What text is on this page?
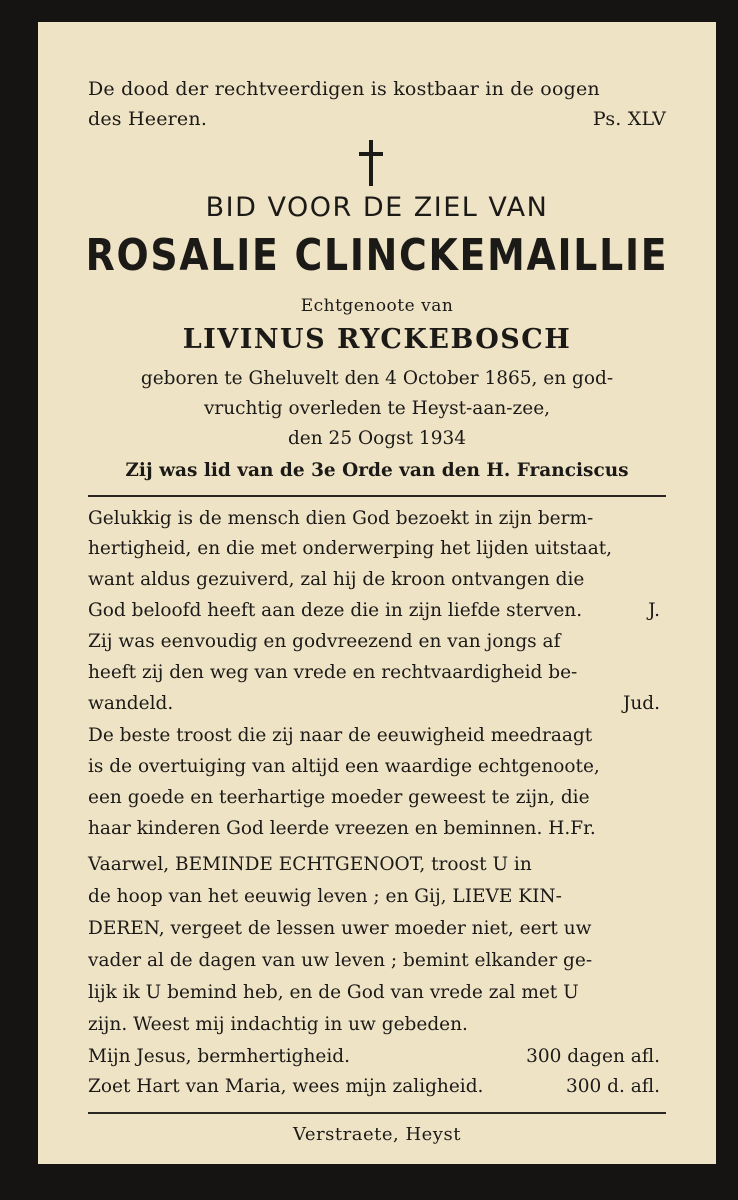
De dood der rechtveerdigen is kostbaar in de oogen
des Heeren.	Ps. XLV
BID VOOR DE ZIEL VAN
ROSALIE CLINCKEMAILLIE
Echtgenoote van
LIVINUS RYCKEBOSCH
geboren te Gheluvelt den 4 October 1865, en god-
vruchtig overleden te Heyst-aan-zee,
den 25 Oogst 1934
Zij was lid van de 3e Orde van den H. Franciscus
Gelukkig is de mensch dien God bezoekt in zijn berm-
hertigheid, en die met onderwerping het lijden uitstaat,
want aldus gezuiverd, zal hij de kroon ontvangen die
God beloofd heeft aan deze die in zijn liefde sterven.	J.
Zij was eenvoudig en godvreezend en van jongs af
heeft zij den weg van vrede en rechtvaardigheid be-
wandeld.	Jud.
De beste troost die zij naar de eeuwigheid meedraagt
is de overtuiging van altijd een waardige echtgenoote,
een goede en teerhartige moeder geweest te zijn, die
haar kinderen God leerde vreezen en beminnen. H.Fr.
Vaarwel, BEMINDE ECHTGENOOT, troost U in
de hoop van het eeuwig leven ; en Gij, LIEVE KIN-
DEREN, vergeet de lessen uwer moeder niet, eert uw
vader al de dagen van uw leven ; bemint elkander ge-
lijk ik U bemind heb, en de God van vrede zal met U
zijn. Weest mij indachtig in uw gebeden.
Mijn Jesus, bermhertigheid.	300 dagen afl.
Zoet Hart van Maria, wees mijn zaligheid.	300 d. afl.
Verstraete, Heyst
